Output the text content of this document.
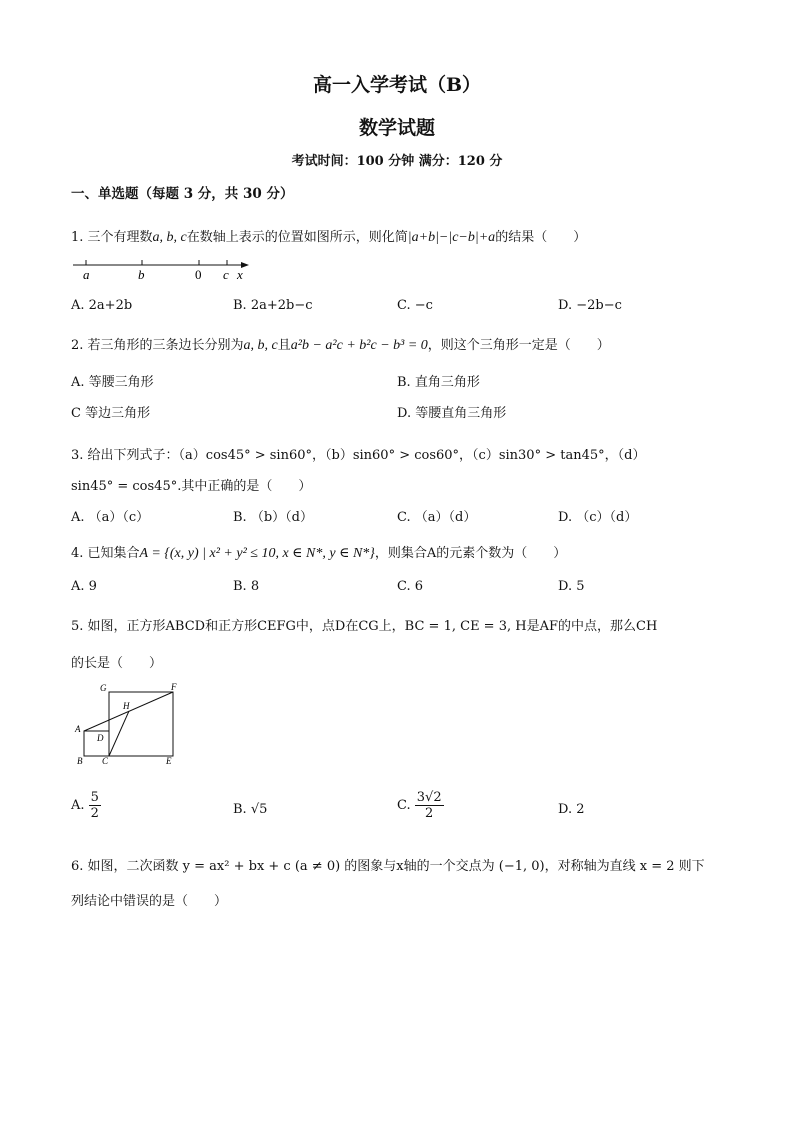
高一入学考试（B）
数学试题
考试时间：100 分钟 满分：120 分
一、单选题（每题 3 分，共 30 分）
1. 三个有理数a, b, c在数轴上表示的位置如图所示，则化简|a+b|−|c−b|+a的结果（　　）
a	b	0 c x
A. 2a+2b	B. 2a+2b−c	C. −c	D. −2b−c
2. 若三角形的三条边长分别为a, b, c且a²b − a²c + b²c − b³ = 0，则这个三角形一定是（　　）
A. 等腰三角形	B. 直角三角形
C 等边三角形	D. 等腰直角三角形
3. 给出下列式子：（a）cos45° > sin60°，（b）sin60° > cos60°，（c）sin30° > tan45°，（d）
sin45° = cos45°.其中正确的是（　　）
A. （a）（c）	B. （b）（d）	C. （a）（d）	D. （c）（d）
4. 已知集合A = {(x, y) | x² + y² ≤ 10, x ∈ N*, y ∈ N*}，则集合A的元素个数为（　　）
A. 9	B. 8	C. 6	D. 5
5. 如图，正方形ABCD和正方形CEFG中，点D在CG上，BC = 1, CE = 3, H是AF的中点，那么CH
的长是（　　）
G	F
H
A
D
B C	E
A. $\frac{5}{2}$	B. √5	C. $\frac{3√2}{2}$	D. 2
6. 如图，二次函数 y = ax² + bx + c (a ≠ 0) 的图象与x轴的一个交点为 (−1, 0)，对称轴为直线 x = 2 则下
列结论中错误的是（　　）
